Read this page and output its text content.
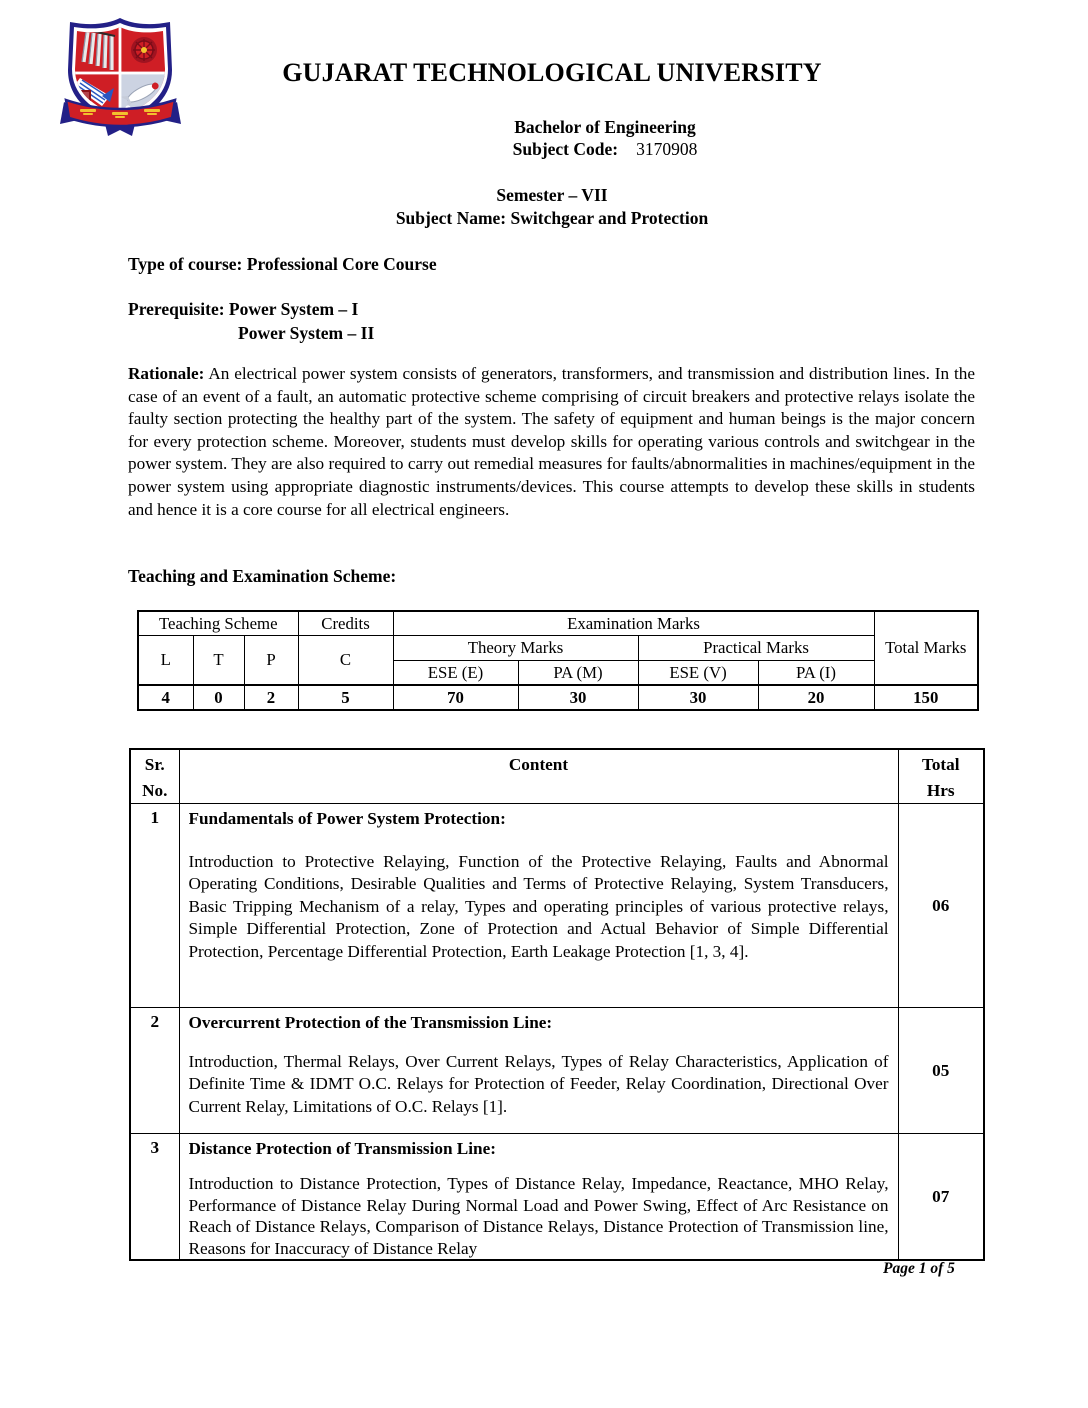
GUJARAT TECHNOLOGICAL UNIVERSITY
Bachelor of Engineering
Subject Code: 3170908
Semester – VII
Subject Name: Switchgear and Protection
Type of course: Professional Core Course
Prerequisite: Power System – I
Power System – II
Rationale: An electrical power system consists of generators, transformers, and transmission and distribution lines. In the case of an event of a fault, an automatic protective scheme comprising of circuit breakers and protective relays isolate the faulty section protecting the healthy part of the system. The safety of equipment and human beings is the major concern for every protection scheme. Moreover, students must develop skills for operating various controls and switchgear in the power system. They are also required to carry out remedial measures for faults/abnormalities in machines/equipment in the power system using appropriate diagnostic instruments/devices. This course attempts to develop these skills in students and hence it is a core course for all electrical engineers.
Teaching and Examination Scheme:
Teaching Scheme			Credits	Examination Marks				Total Marks
L	T	P	C	Theory Marks		Practical Marks		
				ESE (E)	PA (M)	ESE (V)	PA (I)	
4	0	2	5	70	30	30	20	150
Sr.
No.
	Content	Total
Hrs

1	Fundamentals of Power System Protection:
Introduction to Protective Relaying, Function of the Protective Relaying, Faults and Abnormal Operating Conditions, Desirable Qualities and Terms of Protective Relaying, System Transducers, Basic Tripping Mechanism of a relay, Types and operating principles of various protective relays, Simple Differential Protection, Zone of Protection and Actual Behavior of Simple Differential Protection, Percentage Differential Protection, Earth Leakage Protection [1, 3, 4].	06
2	Overcurrent Protection of the Transmission Line:
Introduction, Thermal Relays, Over Current Relays, Types of Relay Characteristics, Application of Definite Time & IDMT O.C. Relays for Protection of Feeder, Relay Coordination, Directional Over Current Relay, Limitations of O.C. Relays [1].	05
3	Distance Protection of Transmission Line:
Introduction to Distance Protection, Types of Distance Relay, Impedance, Reactance, MHO Relay, Performance of Distance Relay During Normal Load and Power Swing, Effect of Arc Resistance on Reach of Distance Relays, Comparison of Distance Relays, Distance Protection of Transmission line, Reasons for Inaccuracy of Distance Relay	07
Page 1 of 5
